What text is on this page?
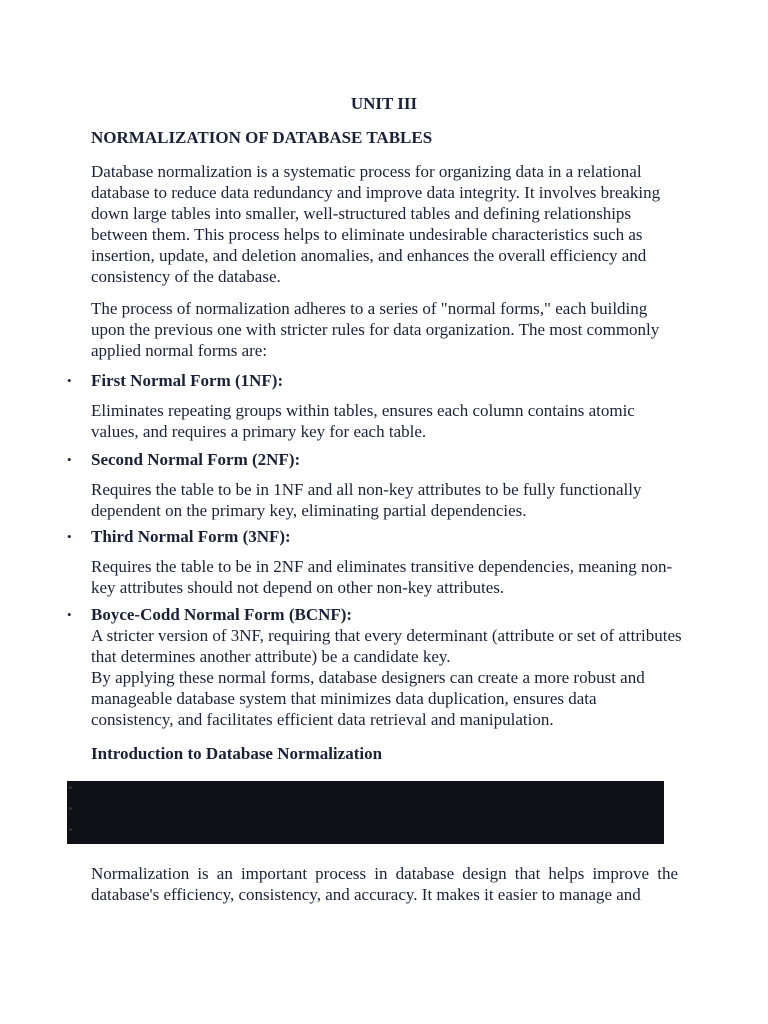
UNIT III
NORMALIZATION OF DATABASE TABLES

Database normalization is a systematic process for organizing data in a relational database to reduce data redundancy and improve data integrity. It involves breaking down large tables into smaller, well-structured tables and defining relationships between them. This process helps to eliminate undesirable characteristics such as insertion, update, and deletion anomalies, and enhances the overall efficiency and consistency of the database.

The process of normalization adheres to a series of "normal forms," each building upon the previous one with stricter rules for data organization. The most commonly applied normal forms are:

• First Normal Form (1NF):
Eliminates repeating groups within tables, ensures each column contains atomic values, and requires a primary key for each table.
• Second Normal Form (2NF):
Requires the table to be in 1NF and all non-key attributes to be fully functionally dependent on the primary key, eliminating partial dependencies.
• Third Normal Form (3NF):
Requires the table to be in 2NF and eliminates transitive dependencies, meaning non-key attributes should not depend on other non-key attributes.
• Boyce-Codd Normal Form (BCNF):
A stricter version of 3NF, requiring that every determinant (attribute or set of attributes that determines another attribute) be a candidate key.

By applying these normal forms, database designers can create a more robust and manageable database system that minimizes data duplication, ensures data consistency, and facilitates efficient data retrieval and manipulation.

Introduction to Database Normalization

Normalization is an important process in database design that helps improve the database's efficiency, consistency, and accuracy. It makes it easier to manage and
